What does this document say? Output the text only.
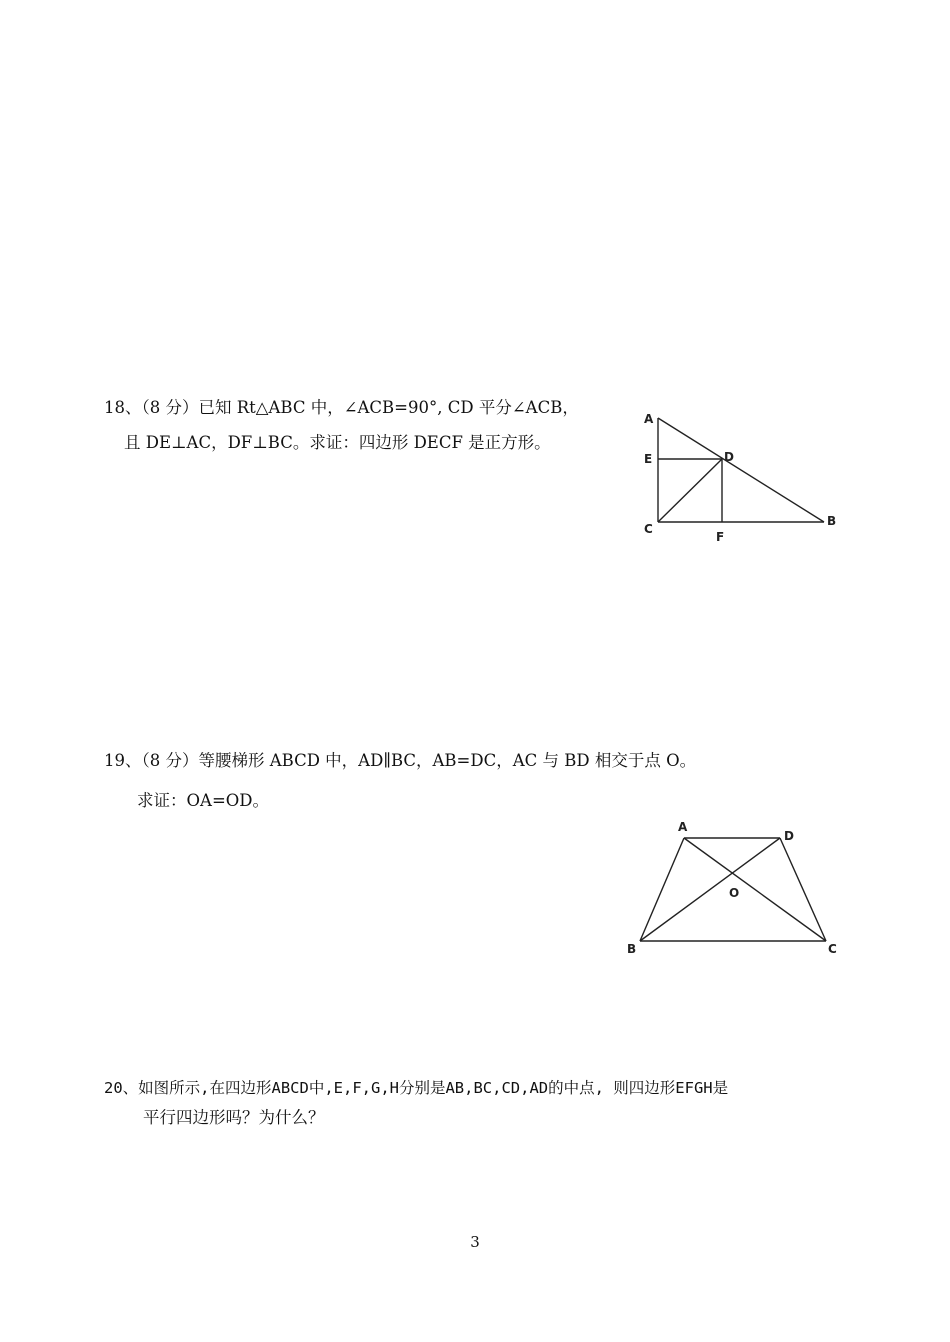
18、（8 分）已知 Rt△ABC 中，∠ACB=90°, CD 平分∠ACB，
且 DE⊥AC，DF⊥BC。求证：四边形 DECF 是正方形。
A
E	D
C
F
B
19、（8 分）等腰梯形 ABCD 中，AD∥BC，AB=DC，AC 与 BD 相交于点 O。
求证：OA=OD。
A
D
O
B	C
20、如图所示,在四边形ABCD中,E,F,G,H分别是AB,BC,CD,AD的中点, 则四边形EFGH是
平行四边形吗？为什么？
3
